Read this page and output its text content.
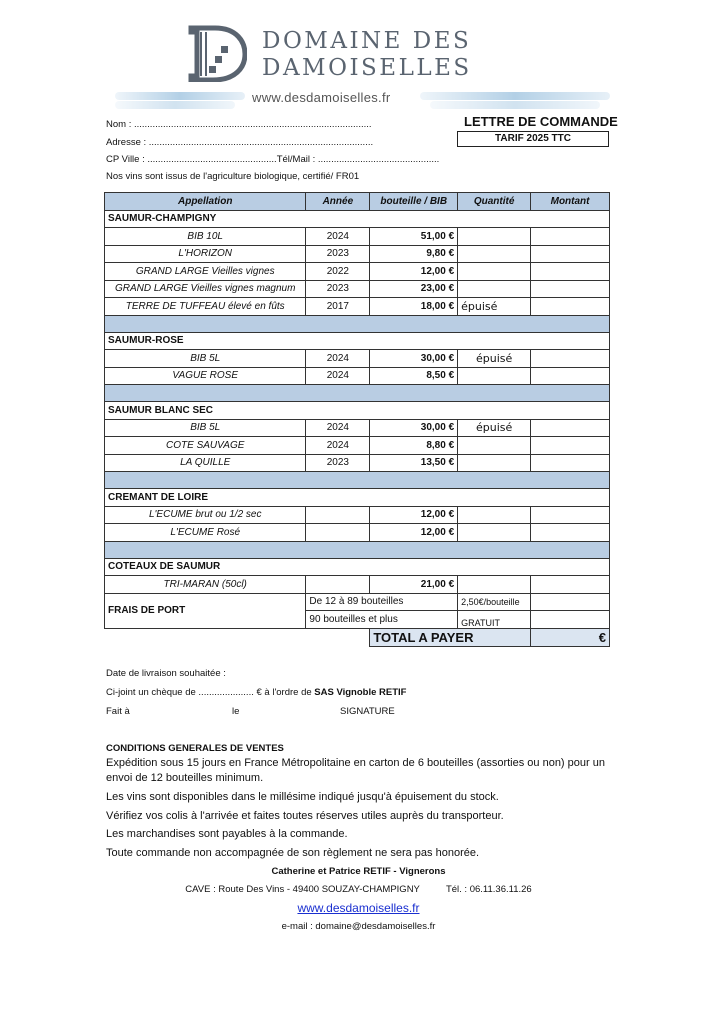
DOMAINE DES
DAMOISELLES
www.desdamoiselles.fr
Nom : ..........................................................................................
Adresse : .....................................................................................
CP Ville : .................................................Tél/Mail : ..............................................
Nos vins sont issus de l'agriculture biologique, certifié/ FR01
LETTRE DE COMMANDE
TARIF 2025 TTC
Appellation	Année	bouteille / BIB	Quantité	Montant
SAUMUR-CHAMPIGNY				
BIB 10L	2024	51,00 €		
L'HORIZON	2023	9,80 €		
GRAND LARGE Vieilles vignes	2022	12,00 €		
GRAND LARGE Vieilles vignes magnum	2023	23,00 €		
TERRE DE TUFFEAU élevé en fûts	2017	18,00 €	épuisé	

SAUMUR-ROSE				
BIB 5L	2024	30,00 €	épuisé	
VAGUE ROSE	2024	8,50 €		

SAUMUR BLANC SEC				
BIB 5L	2024	30,00 €	épuisé	
COTE SAUVAGE	2024	8,80 €		
LA QUILLE	2023	13,50 €		

CREMANT DE LOIRE				
L'ECUME brut ou 1/2 sec		12,00 €		
L'ECUME Rosé		12,00 €		

COTEAUX DE SAUMUR				
TRI-MARAN (50cl)		21,00 €		
FRAIS DE PORT	De 12 à 89 bouteilles		2,50€/bouteille	
	90 bouteilles et plus		GRATUIT	
		TOTAL A PAYER		€
Date de livraison souhaitée :
Ci-joint un chèque de ..................... € à l'ordre de SAS Vignoble RETIF
Fait à	le	SIGNATURE
CONDITIONS GENERALES DE VENTES
Expédition sous 15 jours en France Métropolitaine en carton de 6 bouteilles (assorties ou non) pour un
envoi de 12 bouteilles minimum.
Les vins sont disponibles dans le millésime indiqué jusqu'à épuisement du stock.
Vérifiez vos colis à l'arrivée et faites toutes réserves utiles auprès du transporteur.
Les marchandises sont payables à la commande.
Toute commande non accompagnée de son règlement ne sera pas honorée.
Catherine et Patrice RETIF - Vignerons
CAVE : Route Des Vins - 49400 SOUZAY-CHAMPIGNY          Tél. : 06.11.36.11.26
www.desdamoiselles.fr
e-mail : domaine@desdamoiselles.fr
